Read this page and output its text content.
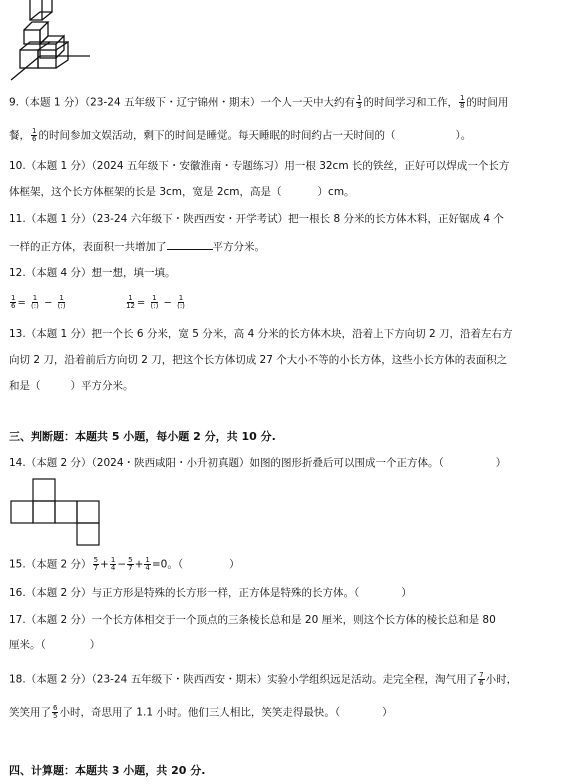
9.（本题 1 分）（23-24 五年级下・辽宁锦州・期末）一个人一天中大约有 $\frac{1}{3}$ 的时间学习和工作， $\frac{1}{8}$ 的时间用
餐， $\frac{1}{6}$ 的时间参加文娱活动，剩下的时间是睡觉。每天睡眠的时间约占一天时间的（	）。
10.（本题 1 分）（2024 五年级下・安徽淮南・专题练习）用一根 32cm 长的铁丝，正好可以焊成一个长方
体框架，这个长方体框架的长是 3cm，宽是 2cm，高是（	）cm。
11.（本题 1 分）（23-24 六年级下・陕西西安・开学考试）把一根长 8 分米的长方体木料，正好锯成 4 个
一样的正方体，表面积一共增加了	平方分米。
12.（本题 4 分）想一想，填一填。
$\frac{1}{6} = \frac{1}{(:)} - \frac{1}{(:)}$	$\frac{1}{12} = \frac{1}{(:)} - \frac{1}{(:)}$
13.（本题 1 分）把一个长 6 分米，宽 5 分米，高 4 分米的长方体木块，沿着上下方向切 2 刀，沿着左右方
向切 2 刀，沿着前后方向切 2 刀，把这个长方体切成 27 个大小不等的小长方体，这些小长方体的表面积之
和是（	）平方分米。
三、判断题：本题共 5 小题，每小题 2 分，共 10 分.
14.（本题 2 分）（2024・陕西咸阳・小升初真题）如图的图形折叠后可以围成一个正方体。（	）
15.（本题 2 分） $\frac{5}{7} + \frac{1}{4} - \frac{5}{7} + \frac{1}{4} =0$。（	）
16.（本题 2 分）与正方形是特殊的长方形一样，正方体是特殊的长方体。（	）
17.（本题 2 分）一个长方体相交于一个顶点的三条棱长总和是 20 厘米，则这个长方体的棱长总和是 80
厘米。（	）
18.（本题 2 分）（23-24 五年级下・陕西西安・期末）实验小学组织远足活动。走完全程，淘气用了 $\frac{7}{6}$ 小时，
笑笑用了 $\frac{6}{5}$ 小时，奇思用了 1.1 小时。他们三人相比，笑笑走得最快。（	）
四、计算题：本题共 3 小题，共 20 分.
